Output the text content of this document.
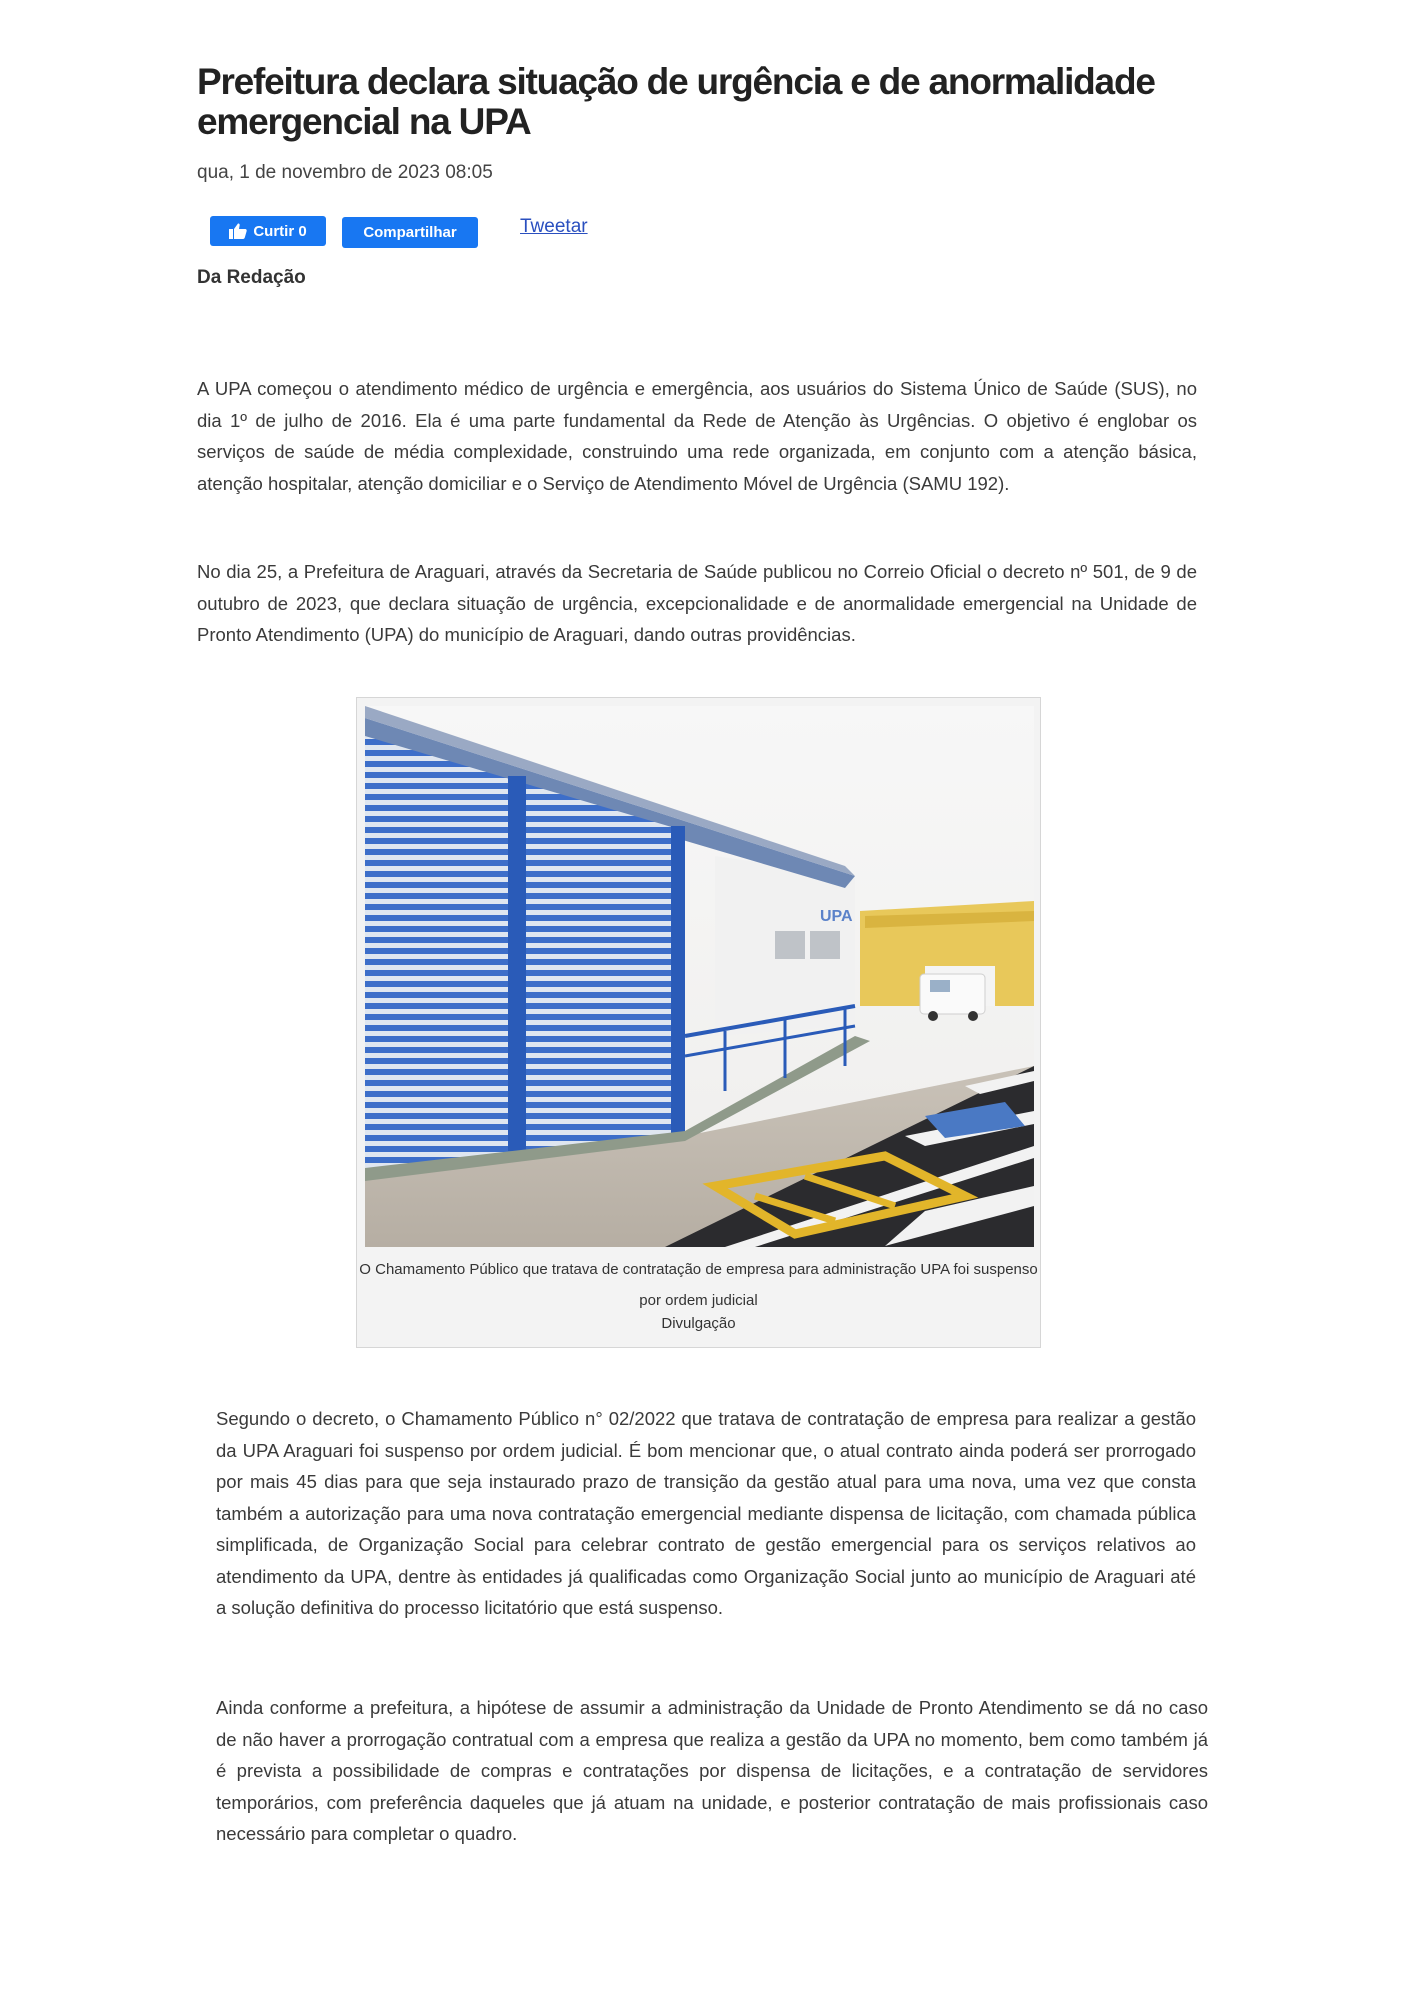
Prefeitura declara situação de urgência e de anormalidade emergencial na UPA
qua, 1 de novembro de 2023 08:05
Curtir 0	Compartilhar	Tweetar
Da Redação

A UPA começou o atendimento médico de urgência e emergência, aos usuários do Sistema Único de Saúde (SUS), no dia 1º de julho de 2016. Ela é uma parte fundamental da Rede de Atenção às Urgências. O objetivo é englobar os serviços de saúde de média complexidade, construindo uma rede organizada, em conjunto com a atenção básica, atenção hospitalar, atenção domiciliar e o Serviço de Atendimento Móvel de Urgência (SAMU 192).

No dia 25, a Prefeitura de Araguari, através da Secretaria de Saúde publicou no Correio Oficial o decreto nº 501, de 9 de outubro de 2023, que declara situação de urgência, excepcionalidade e de anormalidade emergencial na Unidade de Pronto Atendimento (UPA) do município de Araguari, dando outras providências.

UPA
O Chamamento Público que tratava de contratação de empresa para administração UPA foi suspenso por ordem judicial
Divulgação

Segundo o decreto, o Chamamento Público n° 02/2022 que tratava de contratação de empresa para realizar a gestão da UPA Araguari foi suspenso por ordem judicial. É bom mencionar que, o atual contrato ainda poderá ser prorrogado por mais 45 dias para que seja instaurado prazo de transição da gestão atual para uma nova, uma vez que consta também a autorização para uma nova contratação emergencial mediante dispensa de licitação, com chamada pública simplificada, de Organização Social para celebrar contrato de gestão emergencial para os serviços relativos ao atendimento da UPA, dentre às entidades já qualificadas como Organização Social junto ao município de Araguari até a solução definitiva do processo licitatório que está suspenso.

Ainda conforme a prefeitura, a hipótese de assumir a administração da Unidade de Pronto Atendimento se dá no caso de não haver a prorrogação contratual com a empresa que realiza a gestão da UPA no momento, bem como também já é prevista a possibilidade de compras e contratações por dispensa de licitações, e a contratação de servidores temporários, com preferência daqueles que já atuam na unidade, e posterior contratação de mais profissionais caso necessário para completar o quadro.
